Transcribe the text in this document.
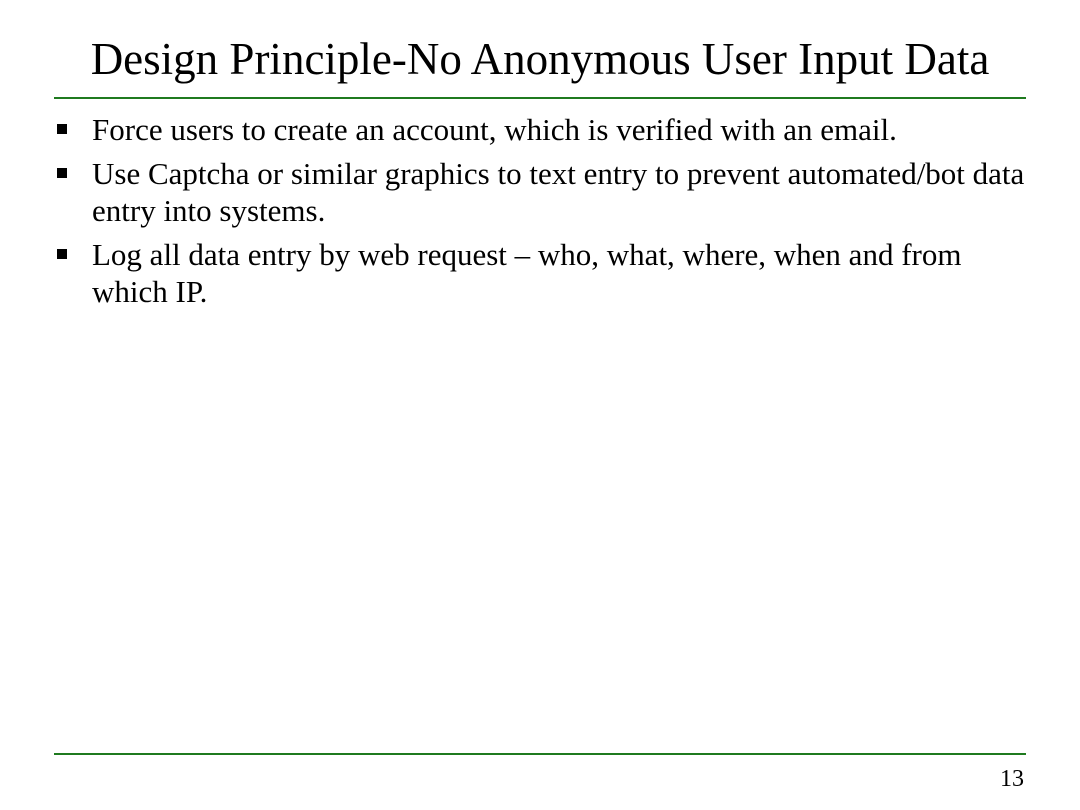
Design Principle-No Anonymous User Input Data
Force users to create an account, which is verified with an email.
Use Captcha or similar graphics to text entry to prevent automated/bot data entry into systems.
Log all data entry by web request – who, what, where, when and from which IP.
13
